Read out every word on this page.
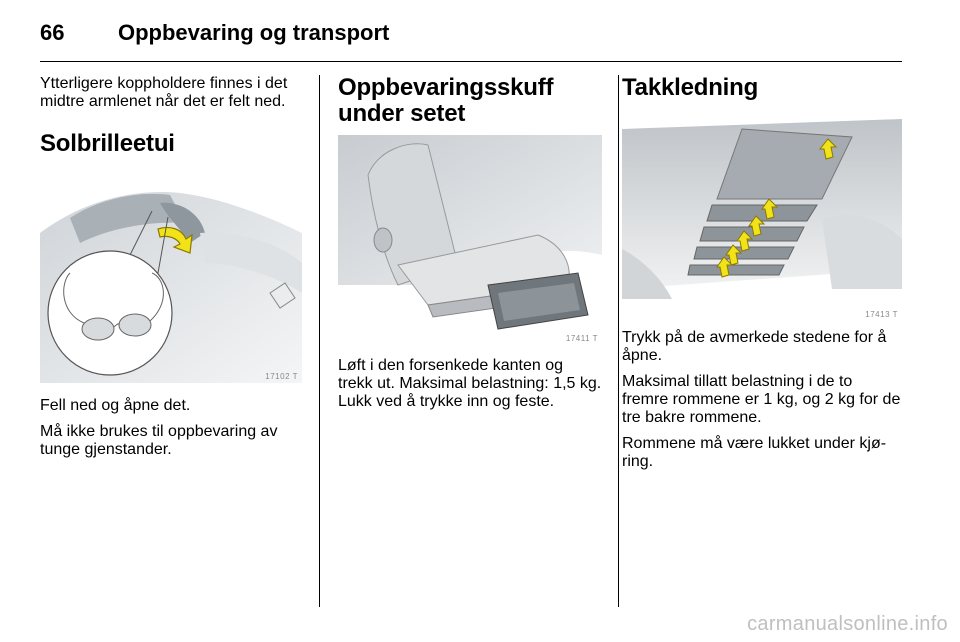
66 Oppbevaring og transport

Ytterligere koppholdere finnes i det midtre armlenet når det er felt ned.

Solbrilleetui
17102 T

Fell ned og åpne det.

Må ikke brukes til oppbevaring av tunge gjenstander.

Oppbevaringsskuff under setet
17411 T

Løft i den forsenkede kanten og trekk ut. Maksimal belastning: 1,5 kg. Lukk ved å trykke inn og feste.

Takkledning
17413 T

Trykk på de avmerkede stedene for å åpne.

Maksimal tillatt belastning i de to fremre rommene er 1 kg, og 2 kg for de tre bakre rommene.

Rommene må være lukket under kjø-ring.

carmanualsonline.info
